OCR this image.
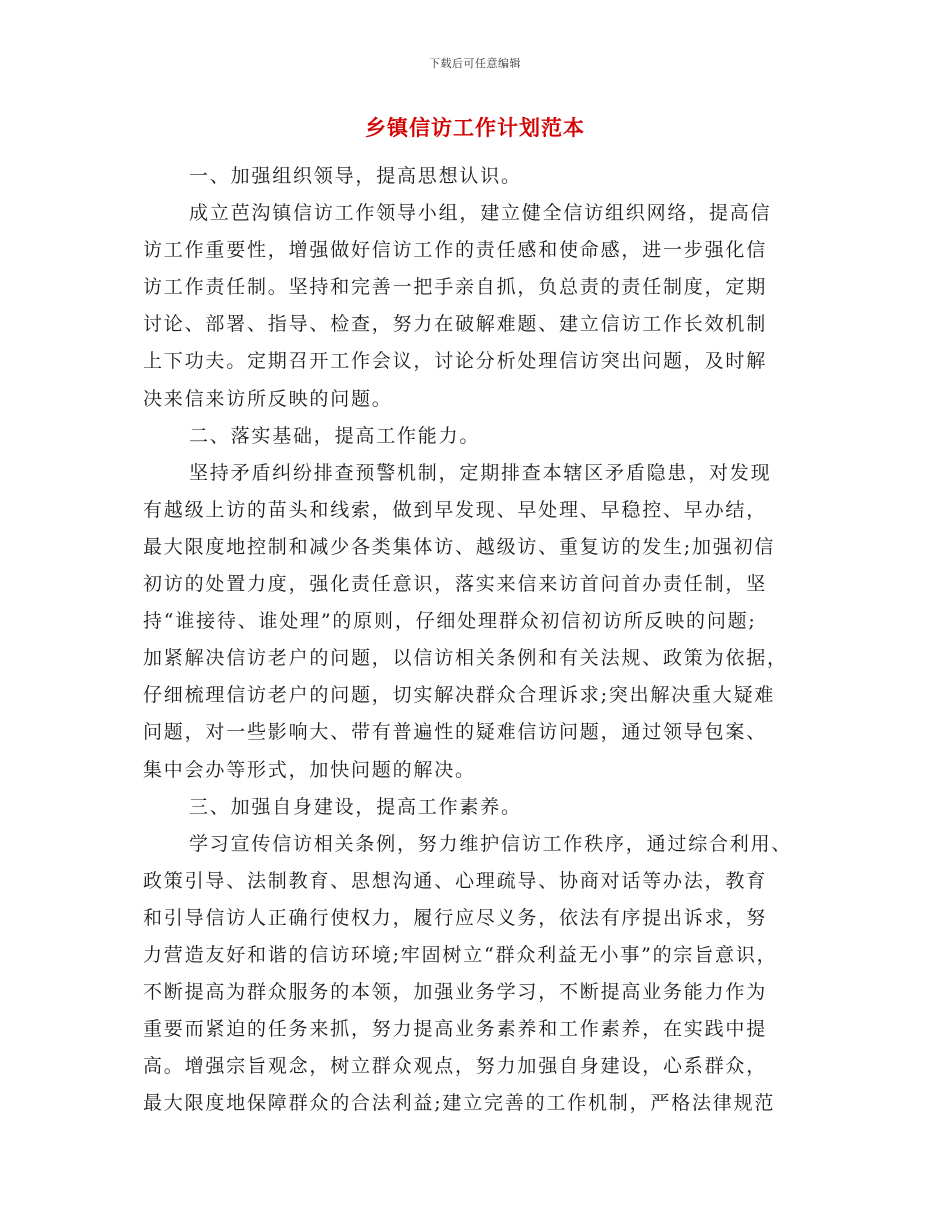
下载后可任意编辑
乡镇信访工作计划范本
一、加强组织领导，提高思想认识。
成立芭沟镇信访工作领导小组，建立健全信访组织网络，提高信
访工作重要性，增强做好信访工作的责任感和使命感，进一步强化信
访工作责任制。坚持和完善一把手亲自抓，负总责的责任制度，定期
讨论、部署、指导、检查，努力在破解难题、建立信访工作长效机制
上下功夫。定期召开工作会议，讨论分析处理信访突出问题，及时解
决来信来访所反映的问题。
二、落实基础，提高工作能力。
坚持矛盾纠纷排查预警机制，定期排查本辖区矛盾隐患，对发现
有越级上访的苗头和线索，做到早发现、早处理、早稳控、早办结，
最大限度地控制和减少各类集体访、越级访、重复访的发生;加强初信
初访的处置力度，强化责任意识，落实来信来访首问首办责任制，坚
持“谁接待、谁处理”的原则，仔细处理群众初信初访所反映的问题;
加紧解决信访老户的问题，以信访相关条例和有关法规、政策为依据，
仔细梳理信访老户的问题，切实解决群众合理诉求;突出解决重大疑难
问题，对一些影响大、带有普遍性的疑难信访问题，通过领导包案、
集中会办等形式，加快问题的解决。
三、加强自身建设，提高工作素养。
学习宣传信访相关条例，努力维护信访工作秩序，通过综合利用、
政策引导、法制教育、思想沟通、心理疏导、协商对话等办法，教育
和引导信访人正确行使权力，履行应尽义务，依法有序提出诉求，努
力营造友好和谐的信访环境;牢固树立“群众利益无小事”的宗旨意识，
不断提高为群众服务的本领，加强业务学习，不断提高业务能力作为
重要而紧迫的任务来抓，努力提高业务素养和工作素养，在实践中提
高。增强宗旨观念，树立群众观点，努力加强自身建设，心系群众，
最大限度地保障群众的合法利益;建立完善的工作机制，严格法律规范
